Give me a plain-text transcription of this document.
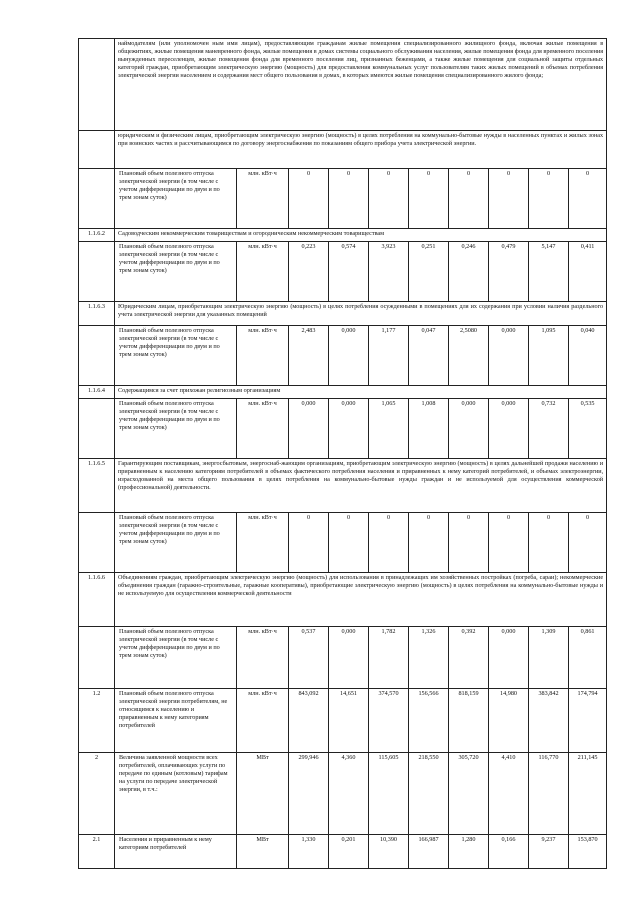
	наймодателям (или уполномочен ным ими лицам), предоставляющим гражданам жилые помещения специализированного жилищного фонда, включая жилые помещения в общежитиях, жилые помещения маневренного фонда, жилые помещения в домах системы социального обслуживания населения, жилые помещения фонда для временного поселения вынужденных переселенцев, жилые помещения фонда для временного поселения лиц, признанных беженцами, а также жилые помещения для социальной защиты отдельных категорий граждан, приобретающим электрическую энергию (мощность) для предоставления коммунальных услуг пользователям таких жилых помещений в объемах потребления электрической энергии населением и содержания мест общего пользования в домах, в которых имеются жилые помещения специализированного жилого фонда;									
	юридическим и физическим лицам, приобретающим электрическую энергию (мощность) в целях потребления на коммунально-бытовые нужды в населенных пунктах и жилых зонах при воинских частях и рассчитывающимся по договору энергоснабжения по показаниям общего прибора учета электрической энергии.									
	Плановый объем полезного отпуска электрической энергии (в том числе с учетом дифференциации по двум и по трем зонам суток)	млн. кВт·ч	0	0	0	0	0	0	0	0
1.1.6.2	Садоводческим некоммерческим товариществам и огородническим некоммерческим товариществам									
	Плановый объем полезного отпуска электрической энергии (в том числе с учетом дифференциации по двум и по трем зонам суток)	млн. кВт·ч	0,223	0,574	3,923	0,251	0,246	0,479	5,147	0,411
1.1.6.3	Юридическим лицам, приобретающим электрическую энергию (мощность) в целях потребления осужденными в помещениях для их содержания при условии наличия раздельного учета электрической энергии для указанных помещений									
	Плановый объем полезного отпуска электрической энергии (в том числе с учетом дифференциации по двум и по трем зонам суток)	млн. кВт·ч	2,483	0,000	1,177	0,047	2,5080	0,000	1,095	0,040
1.1.6.4	Содержащимся за счет прихожан религиозным организациям									
	Плановый объем полезного отпуска электрической энергии (в том числе с учетом дифференциации по двум и по трем зонам суток)	млн. кВт·ч	0,000	0,000	1,065	1,008	0,000	0,000	0,732	0,535
1.1.6.5	Гарантирующим поставщикам, энергосбытовым, энергоснаб-жающим организациям, приобретающим электрическую энергию (мощность) в целях дальнейшей продажи населению и приравненным к населению категориям потребителей в объемах фактического потребления населения и приравненных к нему категорий потребителей, и объемах электроэнергии, израсходованной на места общего пользования в целях потребления на коммунально-бытовые нужды граждан и не используемой для осуществления коммерческой (профессиональной) деятельности.									
	Плановый объем полезного отпуска электрической энергии (в том числе с учетом дифференциации по двум и по трем зонам суток)	млн. кВт·ч	0	0	0	0	0	0	0	0
1.1.6.6	Объединениям граждан, приобретающим электрическую энергию (мощность) для использования в принадлежащих им хозяйственных постройках (погреба, сараи); некоммерческие объединения граждан (гаражно-строительные, гаражные кооперативы), приобретающие электрическую энергию (мощность) в целях потребления на коммунально-бытовые нужды и не используемую для осуществления коммерческой деятельности									
	Плановый объем полезного отпуска электрической энергии (в том числе с учетом дифференциации по двум и по трем зонам суток)	млн. кВт·ч	0,537	0,000	1,782	1,326	0,392	0,000	1,309	0,861
1.2	Плановый объем полезного отпуска электрической энергии потребителям, не относящимся к населению и приравненным к нему категориям потребителей	млн. кВт·ч	843,092	14,651	374,570	156,566	818,159	14,980	383,842	174,794
2	Величина заявленной мощности всех потребителей, оплачивающих услуги по передаче по единым (котловым) тарифам на услуги по передаче электрической энергии, в т.ч.:	МВт	299,946	4,360	115,605	218,550	305,720	4,410	116,770	211,145
2.1	Населения и приравненным к нему категориям потребителей	МВт	1,330	0,201	10,390	166,987	1,280	0,166	9,237	153,870
